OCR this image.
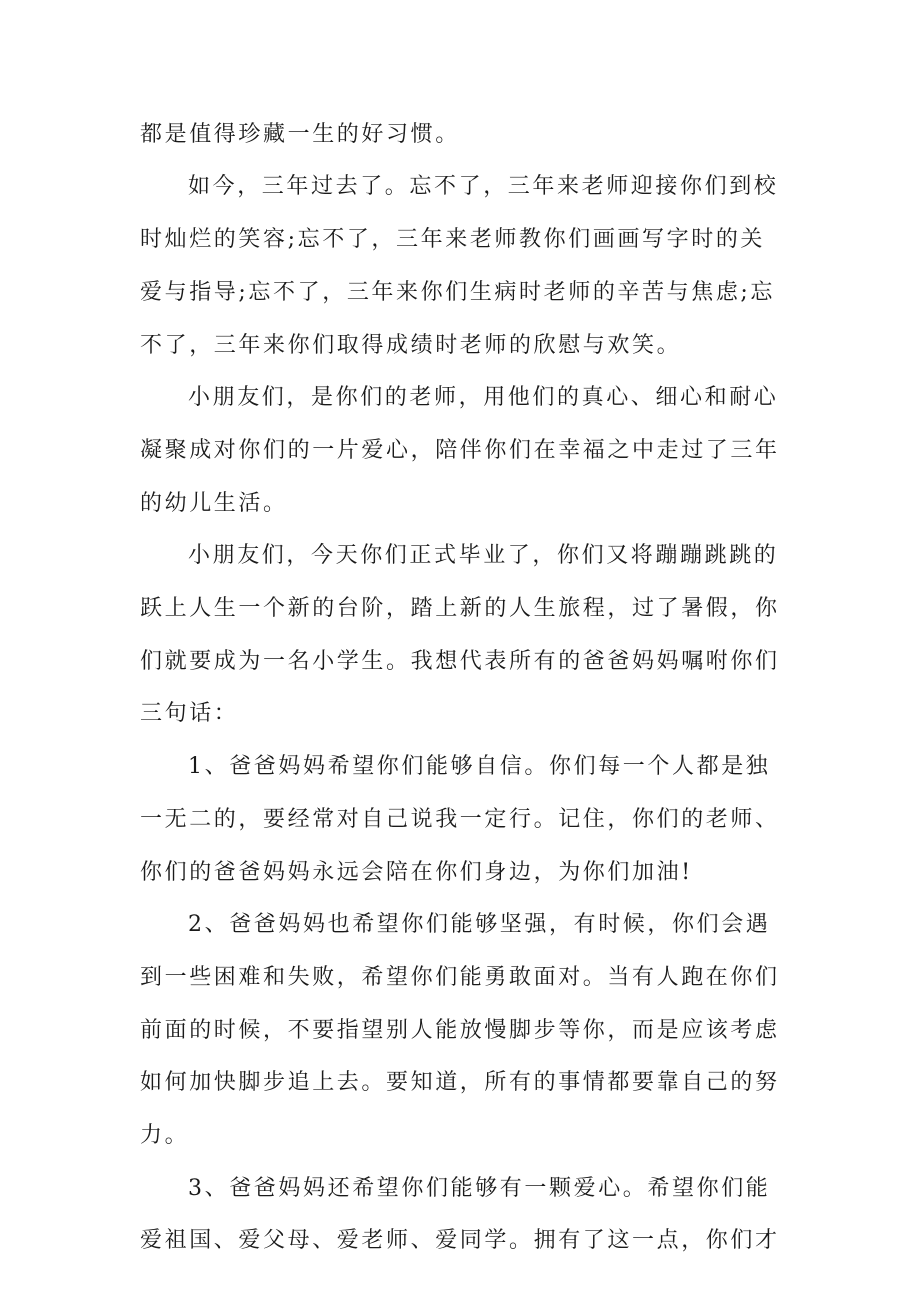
都是值得珍藏一生的好习惯。
如今，三年过去了。忘不了，三年来老师迎接你们到校
时灿烂的笑容;忘不了，三年来老师教你们画画写字时的关
爱与指导;忘不了，三年来你们生病时老师的辛苦与焦虑;忘
不了，三年来你们取得成绩时老师的欣慰与欢笑。
小朋友们，是你们的老师，用他们的真心、细心和耐心
凝聚成对你们的一片爱心，陪伴你们在幸福之中走过了三年
的幼儿生活。
小朋友们，今天你们正式毕业了，你们又将蹦蹦跳跳的
跃上人生一个新的台阶，踏上新的人生旅程，过了暑假，你
们就要成为一名小学生。我想代表所有的爸爸妈妈嘱咐你们
三句话：
1、爸爸妈妈希望你们能够自信。你们每一个人都是独
一无二的，要经常对自己说我一定行。记住，你们的老师、
你们的爸爸妈妈永远会陪在你们身边，为你们加油!
2、爸爸妈妈也希望你们能够坚强，有时候，你们会遇
到一些困难和失败，希望你们能勇敢面对。当有人跑在你们
前面的时候，不要指望别人能放慢脚步等你，而是应该考虑
如何加快脚步追上去。要知道，所有的事情都要靠自己的努
力。
3、爸爸妈妈还希望你们能够有一颗爱心。希望你们能
爱祖国、爱父母、爱老师、爱同学。拥有了这一点，你们才
